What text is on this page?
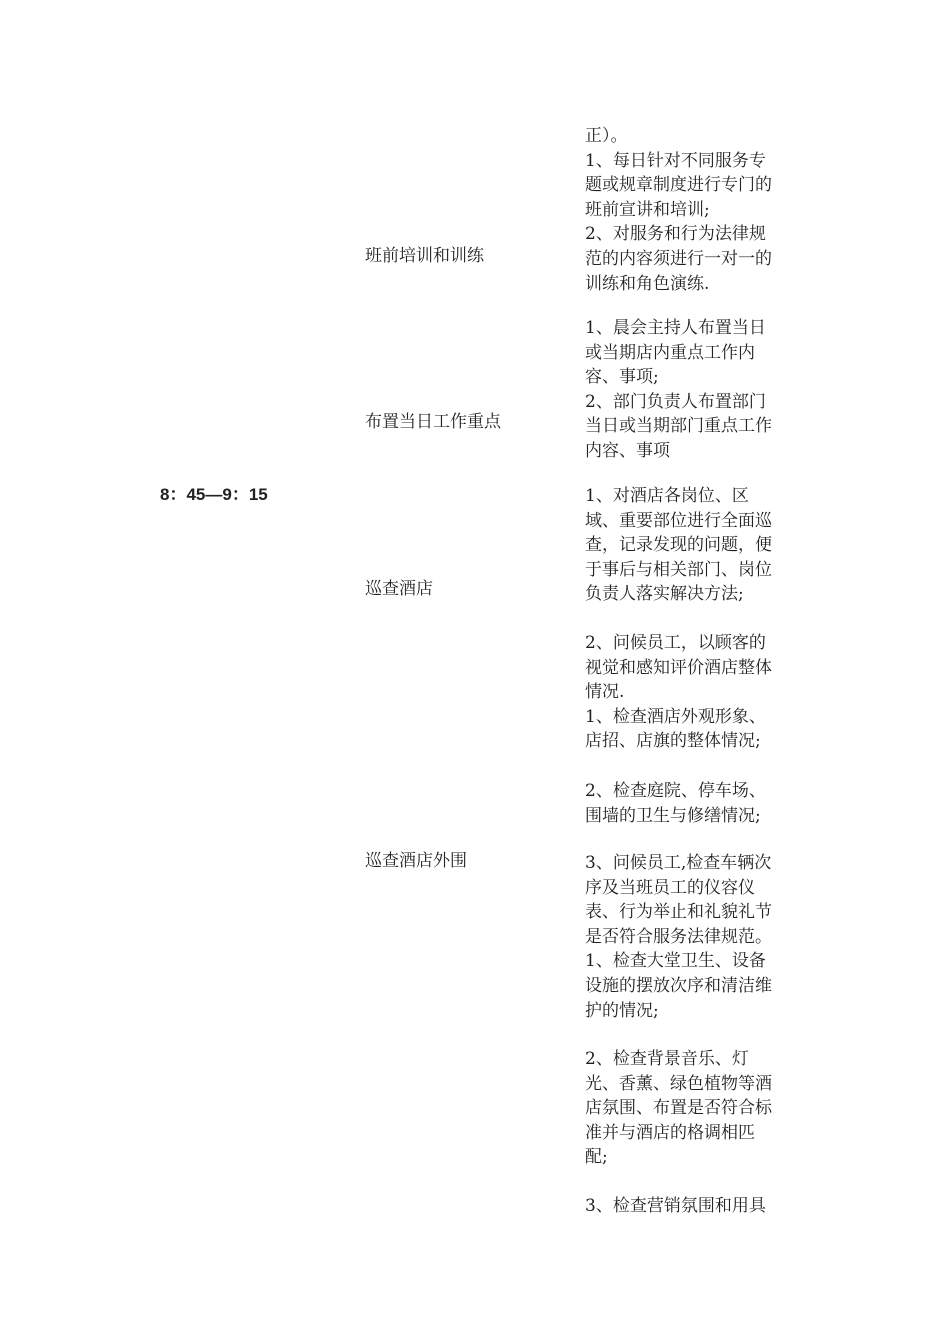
8：45—9：15
班前培训和训练
布置当日工作重点
巡查酒店
巡查酒店外围
正）。
1、每日针对不同服务专
题或规章制度进行专门的
班前宣讲和培训;
2、对服务和行为法律规
范的内容须进行一对一的
训练和角色演练.
1、晨会主持人布置当日
或当期店内重点工作内
容、事项;
2、部门负责人布置部门
当日或当期部门重点工作
内容、事项
1、对酒店各岗位、区
域、重要部位进行全面巡
查，记录发现的问题，便
于事后与相关部门、岗位
负责人落实解决方法;
2、问候员工，以顾客的
视觉和感知评价酒店整体
情况.
1、检查酒店外观形象、
店招、店旗的整体情况;
2、检查庭院、停车场、
围墙的卫生与修缮情况;
3、问候员工,检查车辆次
序及当班员工的仪容仪
表、行为举止和礼貌礼节
是否符合服务法律规范。
1、检查大堂卫生、设备
设施的摆放次序和清洁维
护的情况;
2、检查背景音乐、灯
光、香薰、绿色植物等酒
店氛围、布置是否符合标
准并与酒店的格调相匹
配;
3、检查营销氛围和用具
